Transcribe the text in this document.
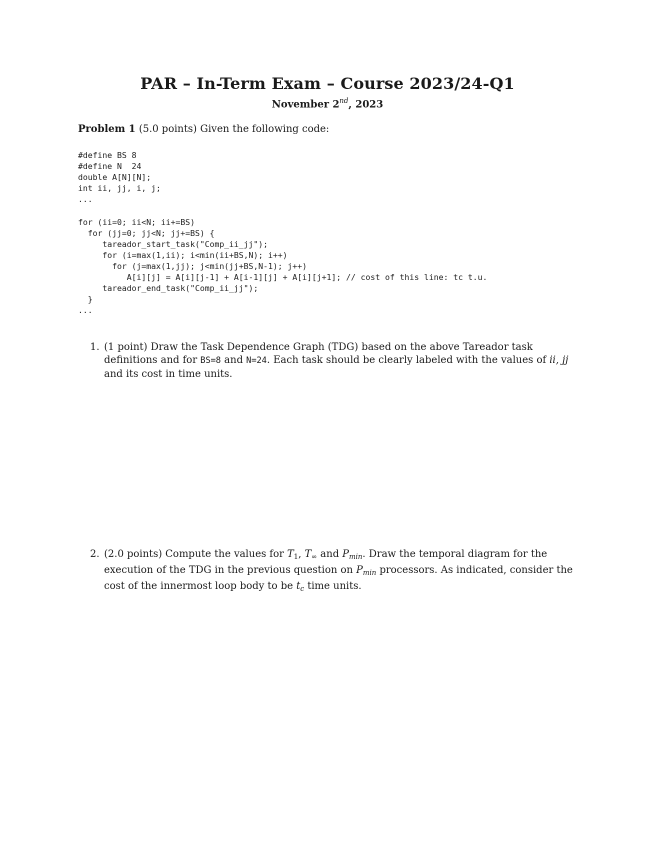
PAR – In-Term Exam – Course 2023/24-Q1
November 2nd, 2023
Problem 1 (5.0 points) Given the following code:
#define BS 8
#define N  24
double A[N][N];
int ii, jj, i, j;
...
for (ii=0; ii<N; ii+=BS)
for (jj=0; jj<N; jj+=BS) {
tareador_start_task("Comp_ii_jj");
for (i=max(1,ii); i<min(ii+BS,N); i++)
for (j=max(1,jj); j<min(jj+BS,N-1); j++)
A[i][j] = A[i][j-1] + A[i-1][j] + A[i][j+1]; // cost of this line: tc t.u.
tareador_end_task("Comp_ii_jj");
}
...
1. (1 point) Draw the Task Dependence Graph (TDG) based on the above Tareador task definitions and for BS=8 and N=24. Each task should be clearly labeled with the values of ii, jj and its cost in time units.
2. (2.0 points) Compute the values for $T_1$, $T_\infty$ and $P_{min}$. Draw the temporal diagram for the execution of the TDG in the previous question on $P_{min}$ processors. As indicated, consider the cost of the innermost loop body to be $t_c$ time units.
